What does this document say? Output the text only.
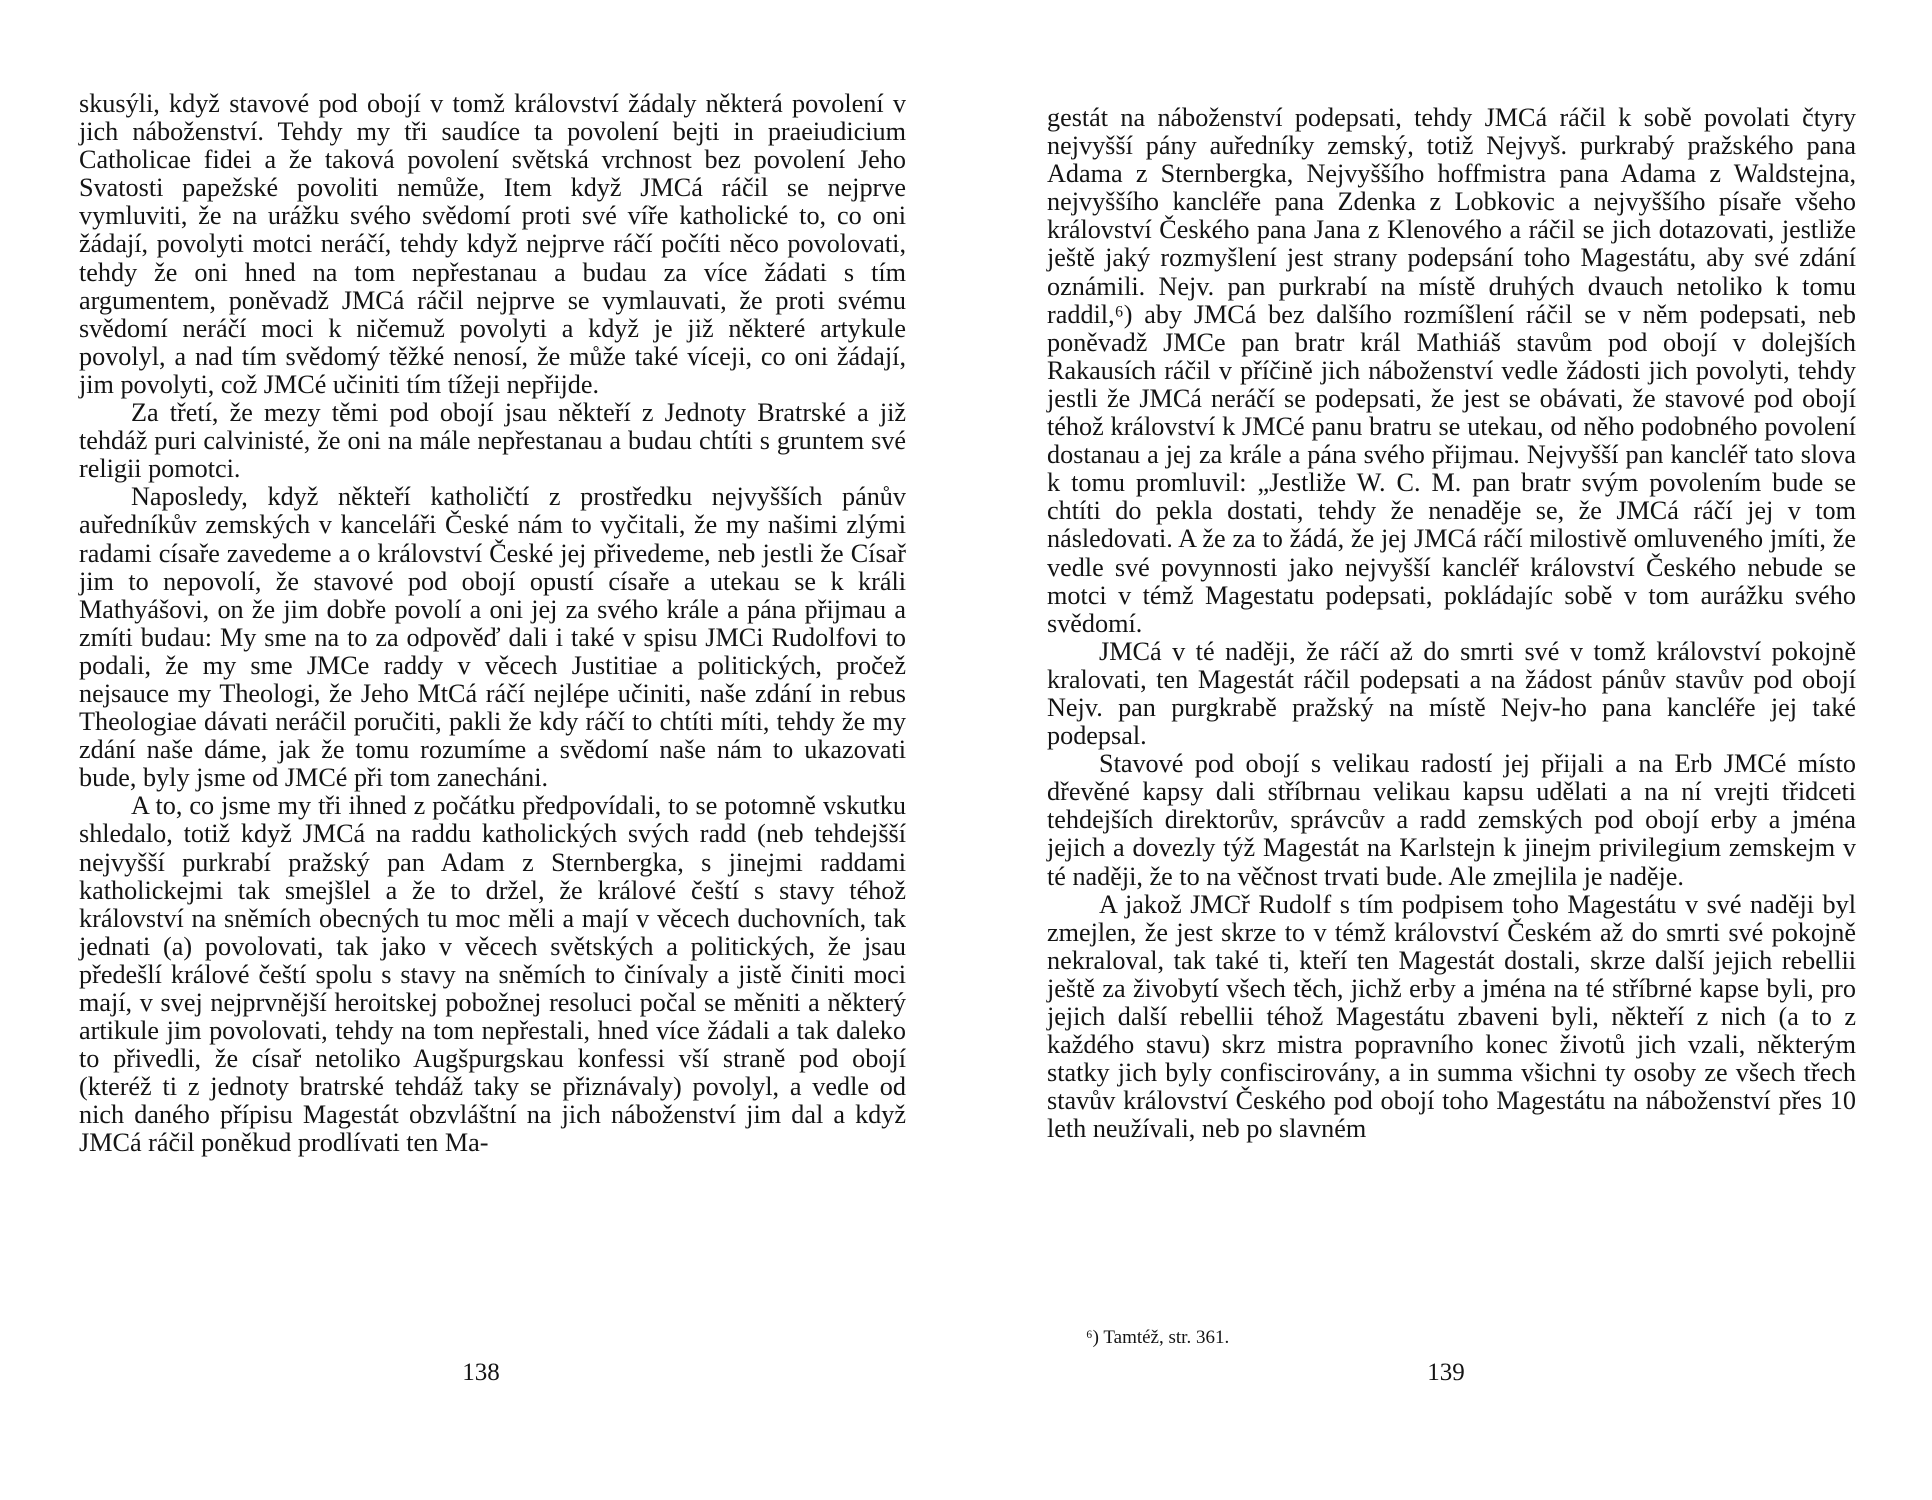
skusýli, když stavové pod obojí v tomž království žádaly některá povolení v jich náboženství. Tehdy my tři saudíce ta povolení bejti in praeiudicium Catholicae fidei a že taková povolení světská vrchnost bez povolení Jeho Svatosti papežské povoliti nemůže, Item když JMCá ráčil se nejprve vymluviti, že na urážku svého svědomí proti své víře katholické to, co oni žádají, povolyti motci neráčí, tehdy když nejprve ráčí počíti něco povolovati, tehdy že oni hned na tom nepřestanau a budau za více žádati s tím argumentem, poněvadž JMCá ráčil nejprve se vymlauvati, že proti svému svědomí neráčí moci k ničemuž povolyti a když je již některé artykule povolyl, a nad tím svědomý těžké nenosí, že může také víceji, co oni žádají, jim povolyti, což JMCé učiniti tím tížeji nepřijde.

Za třetí, že mezy těmi pod obojí jsau někteří z Jednoty Bratrské a již tehdáž puri calvinisté, že oni na mále nepřestanau a budau chtíti s gruntem své religii pomotci.

Naposledy, když někteří katholičtí z prostředku nejvyšších pánův auředníkův zemských v kanceláři České nám to vyčitali, že my našimi zlými radami císaře zavedeme a o království České jej přivedeme, neb jestli že Císař jim to nepovolí, že stavové pod obojí opustí císaře a utekau se k králi Mathyášovi, on že jim dobře povolí a oni jej za svého krále a pána přijmau a zmíti budau: My sme na to za odpověď dali i také v spisu JMCi Rudolfovi to podali, že my sme JMCe raddy v věcech Justitiae a politických, pročež nejsauce my Theologi, že Jeho MtCá ráčí nejlépe učiniti, naše zdání in rebus Theologiae dávati neráčil poručiti, pakli že kdy ráčí to chtíti míti, tehdy že my zdání naše dáme, jak že tomu rozumíme a svědomí naše nám to ukazovati bude, byly jsme od JMCé při tom zanecháni.

A to, co jsme my tři ihned z počátku předpovídali, to se potomně vskutku shledalo, totiž když JMCá na raddu katholických svých radd (neb tehdejšší nejvyšší purkrabí pražský pan Adam z Sternbergka, s jinejmi raddami katholickejmi tak smejšlel a že to držel, že králové čeští s stavy téhož království na sněmích obecných tu moc měli a mají v věcech duchovních, tak jednati (a) povolovati, tak jako v věcech světských a politických, že jsau předešlí králové čeští spolu s stavy na sněmích to činívaly a jistě činiti moci mají, v svej nejprvnější heroitskej pobožnej resoluci počal se měniti a některý artikule jim povolovati, tehdy na tom nepřestali, hned více žádali a tak daleko to přivedli, že císař netoliko Augšpurgskau konfessi vší straně pod obojí (kteréž ti z jednoty bratrské tehdáž taky se přiznávaly) povolyl, a vedle od nich daného přípisu Magestát obzvláštní na jich náboženství jim dal a když JMCá ráčil poněkud prodlívati ten Ma-

138

gestát na náboženství podepsati, tehdy JMCá ráčil k sobě povolati čtyry nejvyšší pány auředníky zemský, totiž Nejvyš. purkrabý pražského pana Adama z Sternbergka, Nejvyššího hoffmistra pana Adama z Waldstejna, nejvyššího kancléře pana Zdenka z Lobkovic a nejvyššího písaře všeho království Českého pana Jana z Klenového a ráčil se jich dotazovati, jestliže ještě jaký rozmyšlení jest strany podepsání toho Magestátu, aby své zdání oznámili. Nejv. pan purkrabí na místě druhých dvauch netoliko k tomu raddil,⁶) aby JMCá bez dalšího rozmíšlení ráčil se v něm podepsati, neb poněvadž JMCe pan bratr král Mathiáš stavům pod obojí v dolejších Rakausích ráčil v příčině jich náboženství vedle žádosti jich povolyti, tehdy jestli že JMCá neráčí se podepsati, že jest se obávati, že stavové pod obojí téhož království k JMCé panu bratru se utekau, od něho podobného povolení dostanau a jej za krále a pána svého přijmau. Nejvyšší pan kancléř tato slova k tomu promluvil: „Jestliže W. C. M. pan bratr svým povolením bude se chtíti do pekla dostati, tehdy že nenaděje se, že JMCá ráčí jej v tom následovati. A že za to žádá, že jej JMCá ráčí milostivě omluveného jmíti, že vedle své povynnosti jako nejvyšší kancléř království Českého nebude se motci v témž Magestatu podepsati, pokládajíc sobě v tom aurážku svého svědomí.

JMCá v té naději, že ráčí až do smrti své v tomž království pokojně kralovati, ten Magestát ráčil podepsati a na žádost pánův stavův pod obojí Nejv. pan purgkrabě pražský na místě Nejv-ho pana kancléře jej také podepsal.

Stavové pod obojí s velikau radostí jej přijali a na Erb JMCé místo dřevěné kapsy dali stříbrnau velikau kapsu udělati a na ní vrejti třidceti tehdejších direktorův, správcův a radd zemských pod obojí erby a jména jejich a dovezly týž Magestát na Karlstejn k jinejm privilegium zemskejm v té naději, že to na věčnost trvati bude. Ale zmejlila je naděje.

A jakož JMCř Rudolf s tím podpisem toho Magestátu v své naději byl zmejlen, že jest skrze to v témž království Českém až do smrti své pokojně nekraloval, tak také ti, kteří ten Magestát dostali, skrze další jejich rebellii ještě za živobytí všech těch, jichž erby a jména na té stříbrné kapse byli, pro jejich další rebellii téhož Magestátu zbaveni byli, někteří z nich (a to z každého stavu) skrz mistra popravního konec životů jich vzali, některým statky jich byly confiscirovány, a in summa všichni ty osoby ze všech třech stavův království Českého pod obojí toho Magestátu na náboženství přes 10 leth neužívali, neb po slavném

⁶) Tamtéž, str. 361.
139
